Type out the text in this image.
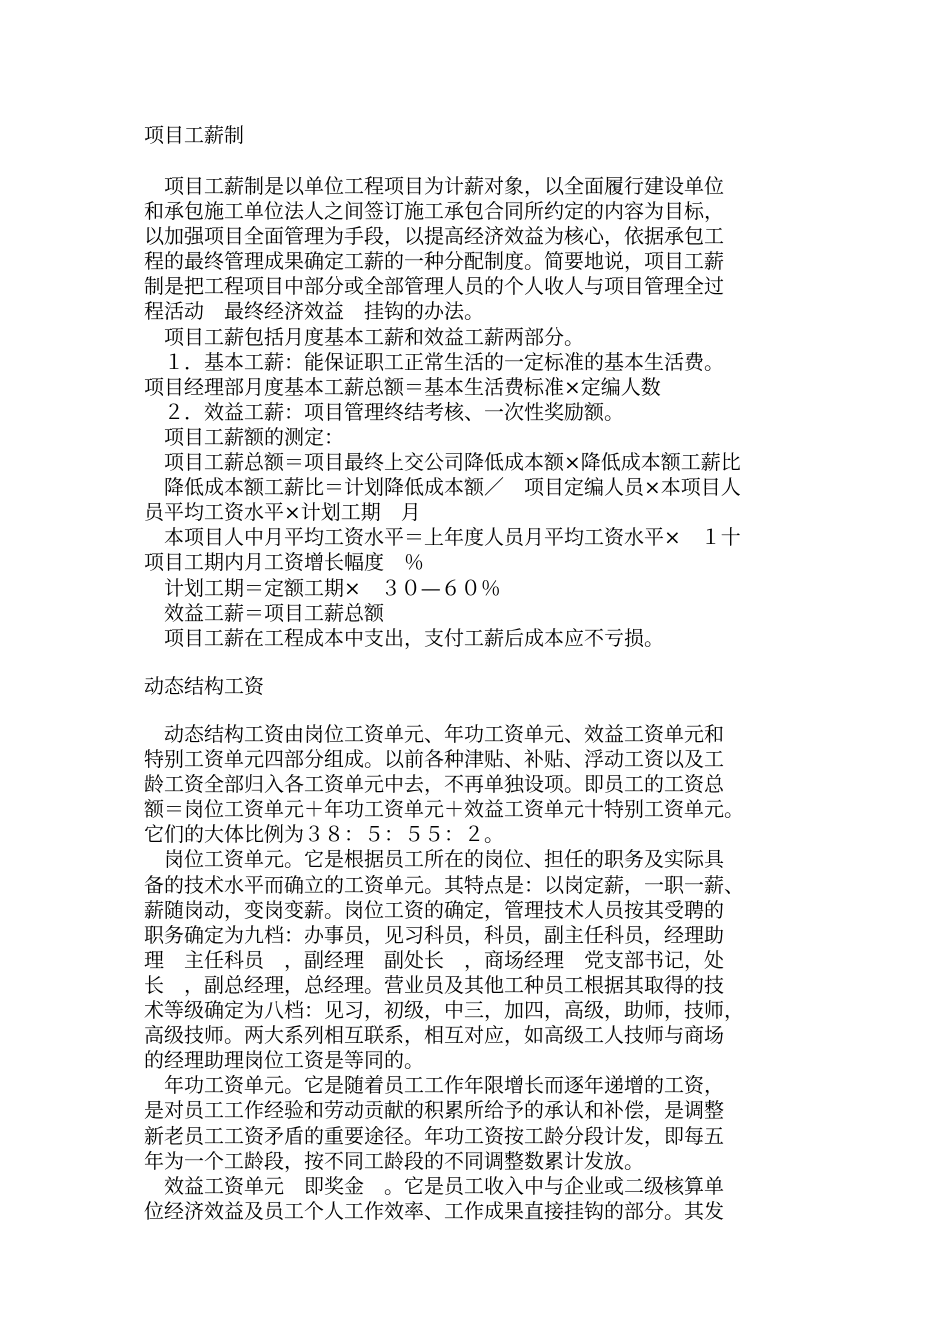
项目工薪制

　项目工薪制是以单位工程项目为计薪对象，以全面履行建设单位

和承包施工单位法人之间签订施工承包合同所约定的内容为目标，

以加强项目全面管理为手段，以提高经济效益为核心，依据承包工

程的最终管理成果确定工薪的一种分配制度。简要地说，项目工薪

制是把工程项目中部分或全部管理人员的个人收人与项目管理全过

程活动　最终经济效益　挂钩的办法。

　项目工薪包括月度基本工薪和效益工薪两部分。

　１．基本工薪：能保证职工正常生活的一定标准的基本生活费。

项目经理部月度基本工薪总额＝基本生活费标准×定编人数

　２．效益工薪：项目管理终结考核、一次性奖励额。

　项目工薪额的测定：

　项目工薪总额＝项目最终上交公司降低成本额×降低成本额工薪比

　降低成本额工薪比＝计划降低成本额／　项目定编人员×本项目人

员平均工资水平×计划工期　月

　本项目人中月平均工资水平＝上年度人员月平均工资水平×　１十

项目工期内月工资增长幅度　％

　计划工期＝定额工期×　３０—６０％

　效益工薪＝项目工薪总额

　项目工薪在工程成本中支出，支付工薪后成本应不亏损。

动态结构工资

　动态结构工资由岗位工资单元、年功工资单元、效益工资单元和

特别工资单元四部分组成。以前各种津贴、补贴、浮动工资以及工

龄工资全部归入各工资单元中去，不再单独设项。即员工的工资总

额＝岗位工资单元＋年功工资单元＋效益工资单元十特别工资单元。

它们的大体比例为３８：５：５５：２。

　岗位工资单元。它是根据员工所在的岗位、担任的职务及实际具

备的技术水平而确立的工资单元。其特点是：以岗定薪，一职一薪、

薪随岗动，变岗变薪。岗位工资的确定，管理技术人员按其受聘的

职务确定为九档：办事员，见习科员，科员，副主任科员，经理助

理　主任科员　，副经理　副处长　，商场经理　党支部书记，处

长　，副总经理，总经理。营业员及其他工种员工根据其取得的技

术等级确定为八档：见习，初级，中三，加四，高级，助师，技师，

高级技师。两大系列相互联系，相互对应，如高级工人技师与商场

的经理助理岗位工资是等同的。

　年功工资单元。它是随着员工工作年限增长而逐年递增的工资，

是对员工工作经验和劳动贡献的积累所给予的承认和补偿，是调整

新老员工工资矛盾的重要途径。年功工资按工龄分段计发，即每五

年为一个工龄段，按不同工龄段的不同调整数累计发放。

　效益工资单元　即奖金　。它是员工收入中与企业或二级核算单

位经济效益及员工个人工作效率、工作成果直接挂钩的部分。其发
